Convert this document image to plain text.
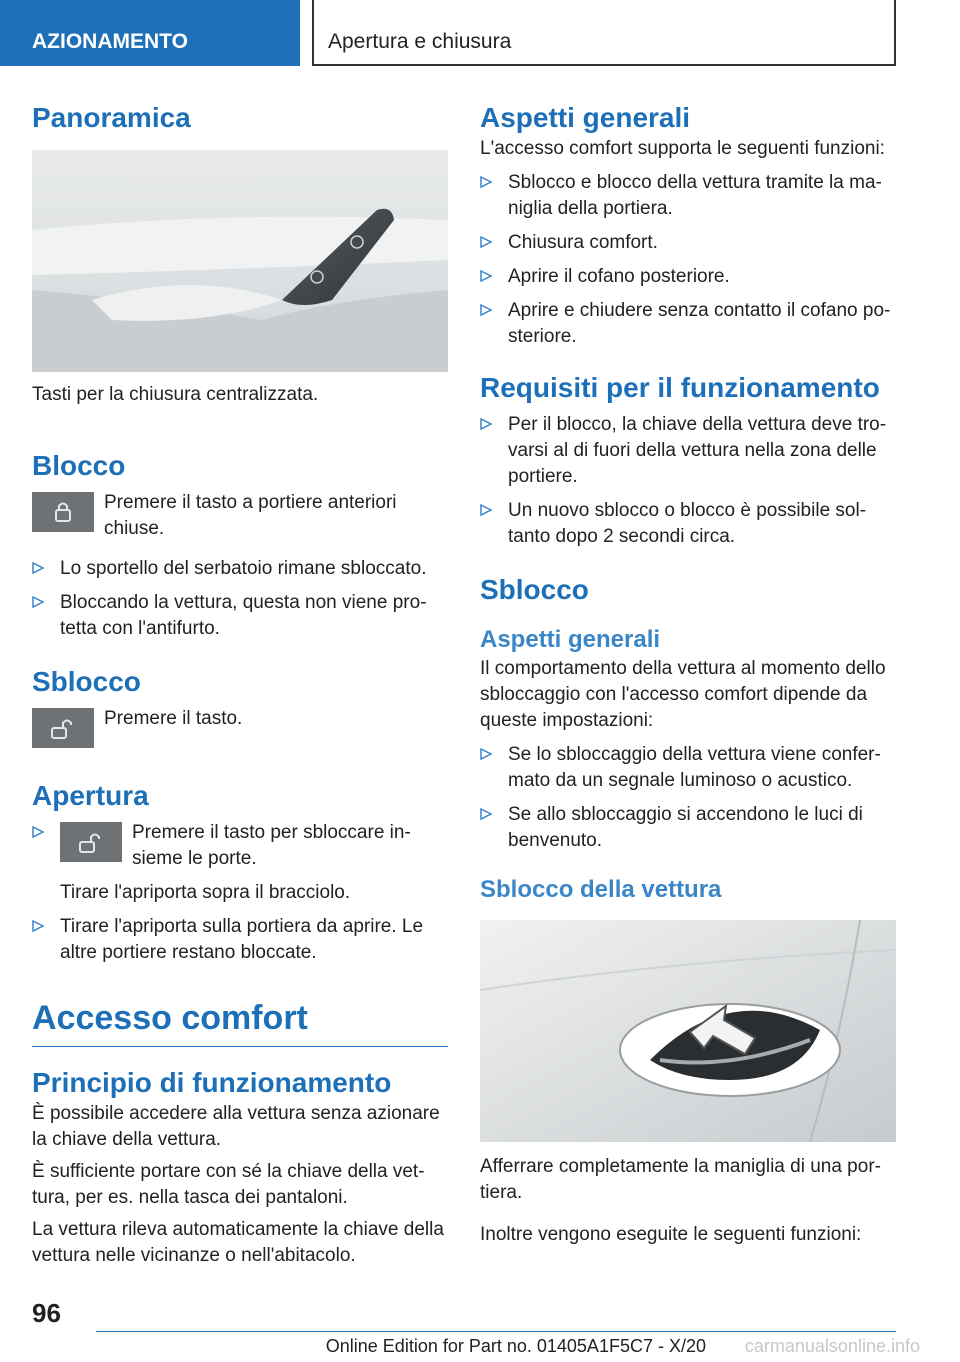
AZIONAMENTO	Apertura e chiusura
Panoramica

Tasti per la chiusura centralizzata.

Blocco
Premere il tasto a portiere anteriori chiuse.
Lo sportello del serbatoio rimane sbloccato.
Bloccando la vettura, questa non viene protetta con l'antifurto.
Sblocco
Premere il tasto.
Apertura
Premere il tasto per sbloccare insieme le porte.
Tirare l'apriporta sopra il bracciolo.
Tirare l'apriporta sulla portiera da aprire. Le altre portiere restano bloccate.
Accesso comfort
Principio di funzionamento

È possibile accedere alla vettura senza azionare la chiave della vettura.

È sufficiente portare con sé la chiave della vettura, per es. nella tasca dei pantaloni.

La vettura rileva automaticamente la chiave della vettura nelle vicinanze o nell'abitacolo.

Aspetti generali

L'accesso comfort supporta le seguenti funzioni:

Sblocco e blocco della vettura tramite la maniglia della portiera.
Chiusura comfort.
Aprire il cofano posteriore.
Aprire e chiudere senza contatto il cofano posteriore.
Requisiti per il funzionamento
Per il blocco, la chiave della vettura deve trovarsi al di fuori della vettura nella zona delle portiere.
Un nuovo sblocco o blocco è possibile soltanto dopo 2 secondi circa.
Sblocco
Aspetti generali

Il comportamento della vettura al momento dello sbloccaggio con l'accesso comfort dipende da queste impostazioni:

Se lo sbloccaggio della vettura viene confermato da un segnale luminoso o acustico.
Se allo sbloccaggio si accendono le luci di benvenuto.
Sblocco della vettura

Afferrare completamente la maniglia di una portiera.

Inoltre vengono eseguite le seguenti funzioni:

96
Online Edition for Part no. 01405A1F5C7 - X/20	carmanualsonline.info
